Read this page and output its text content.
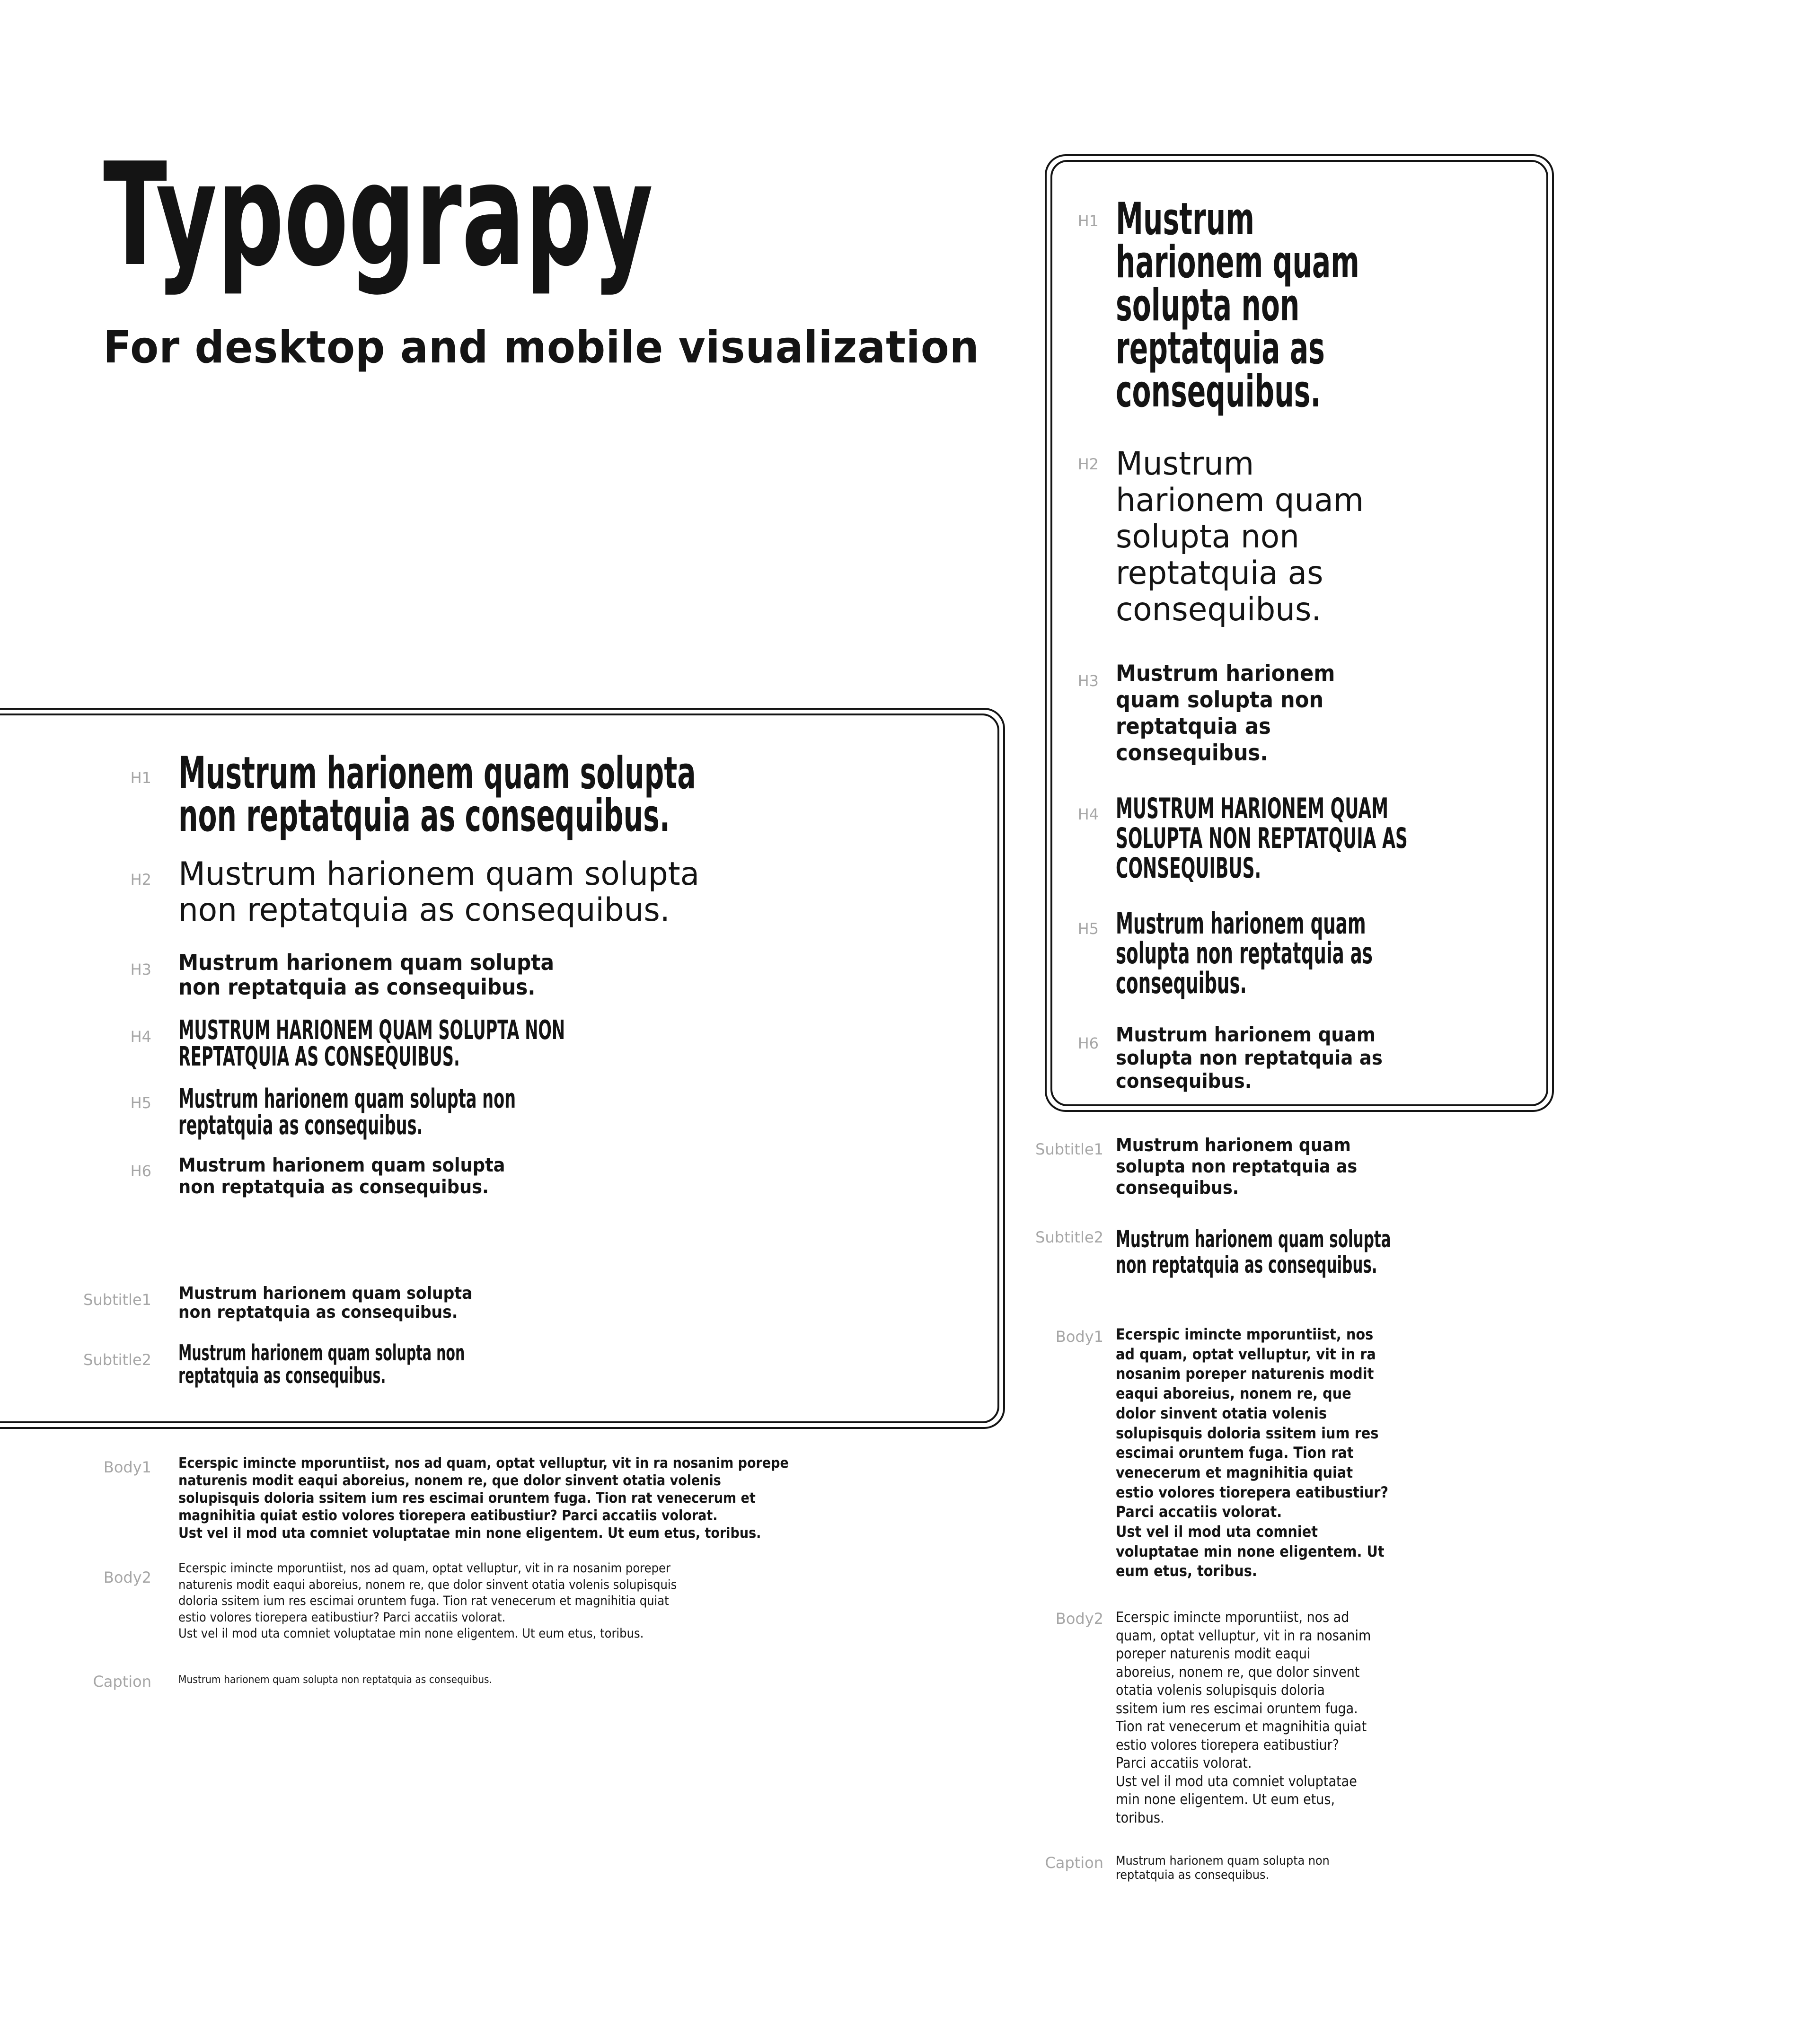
Typograpy
For desktop and mobile visualization
H1 Mustrum harionem quam solupta
non reptatquia as consequibus.
H2 Mustrum harionem quam solupta
non reptatquia as consequibus.
H3 Mustrum harionem quam solupta
non reptatquia as consequibus.
H4 MUSTRUM HARIONEM QUAM SOLUPTA NON
REPTATQUIA AS CONSEQUIBUS.
H5 Mustrum harionem quam solupta non
reptatquia as consequibus.
H6 Mustrum harionem quam solupta
non reptatquia as consequibus.
Subtitle1 Mustrum harionem quam solupta
non reptatquia as consequibus.
Subtitle2 Mustrum harionem quam solupta non
reptatquia as consequibus.
Body1 Ecerspic imincte mporuntiist, nos ad quam, optat velluptur, vit in ra nosanim porepe
naturenis modit eaqui aboreius, nonem re, que dolor sinvent otatia volenis
solupisquis doloria ssitem ium res escimai oruntem fuga. Tion rat venecerum et
magnihitia quiat estio volores tiorepera eatibustiur? Parci accatiis volorat.
Ust vel il mod uta comniet voluptatae min none eligentem. Ut eum etus, toribus.
Body2
Ecerspic imincte mporuntiist, nos ad quam, optat velluptur, vit in ra nosanim poreper
naturenis modit eaqui aboreius, nonem re, que dolor sinvent otatia volenis solupisquis
doloria ssitem ium res escimai oruntem fuga. Tion rat venecerum et magnihitia quiat
estio volores tiorepera eatibustiur? Parci accatiis volorat.
Ust vel il mod uta comniet voluptatae min none eligentem. Ut eum etus, toribus.
Caption	Mustrum harionem quam solupta non reptatquia as consequibus.
H1 Mustrum
harionem quam
solupta non
reptatquia as
consequibus.
H2 Mustrum
harionem quam
solupta non
reptatquia as
consequibus.
H3 Mustrum harionem
quam solupta non
reptatquia as
consequibus.
H4 MUSTRUM HARIONEM QUAM
SOLUPTA NON REPTATQUIA AS
CONSEQUIBUS.
H5 Mustrum harionem quam
solupta non reptatquia as
consequibus.
H6 Mustrum harionem quam
solupta non reptatquia as
consequibus.
Subtitle1 Mustrum harionem quam
solupta non reptatquia as
consequibus.
Subtitle2 Mustrum harionem quam solupta
non reptatquia as consequibus.
Body1 Ecerspic imincte mporuntiist, nos
ad quam, optat velluptur, vit in ra
nosanim poreper naturenis modit
eaqui aboreius, nonem re, que
dolor sinvent otatia volenis
solupisquis doloria ssitem ium res
escimai oruntem fuga. Tion rat
venecerum et magnihitia quiat
estio volores tiorepera eatibustiur?
Parci accatiis volorat.
Ust vel il mod uta comniet
voluptatae min none eligentem. Ut
eum etus, toribus.
Body2 Ecerspic imincte mporuntiist, nos ad
quam, optat velluptur, vit in ra nosanim
poreper naturenis modit eaqui
aboreius, nonem re, que dolor sinvent
otatia volenis solupisquis doloria
ssitem ium res escimai oruntem fuga.
Tion rat venecerum et magnihitia quiat
estio volores tiorepera eatibustiur?
Parci accatiis volorat.
Ust vel il mod uta comniet voluptatae
min none eligentem. Ut eum etus,
toribus.
Caption Mustrum harionem quam solupta non
reptatquia as consequibus.
